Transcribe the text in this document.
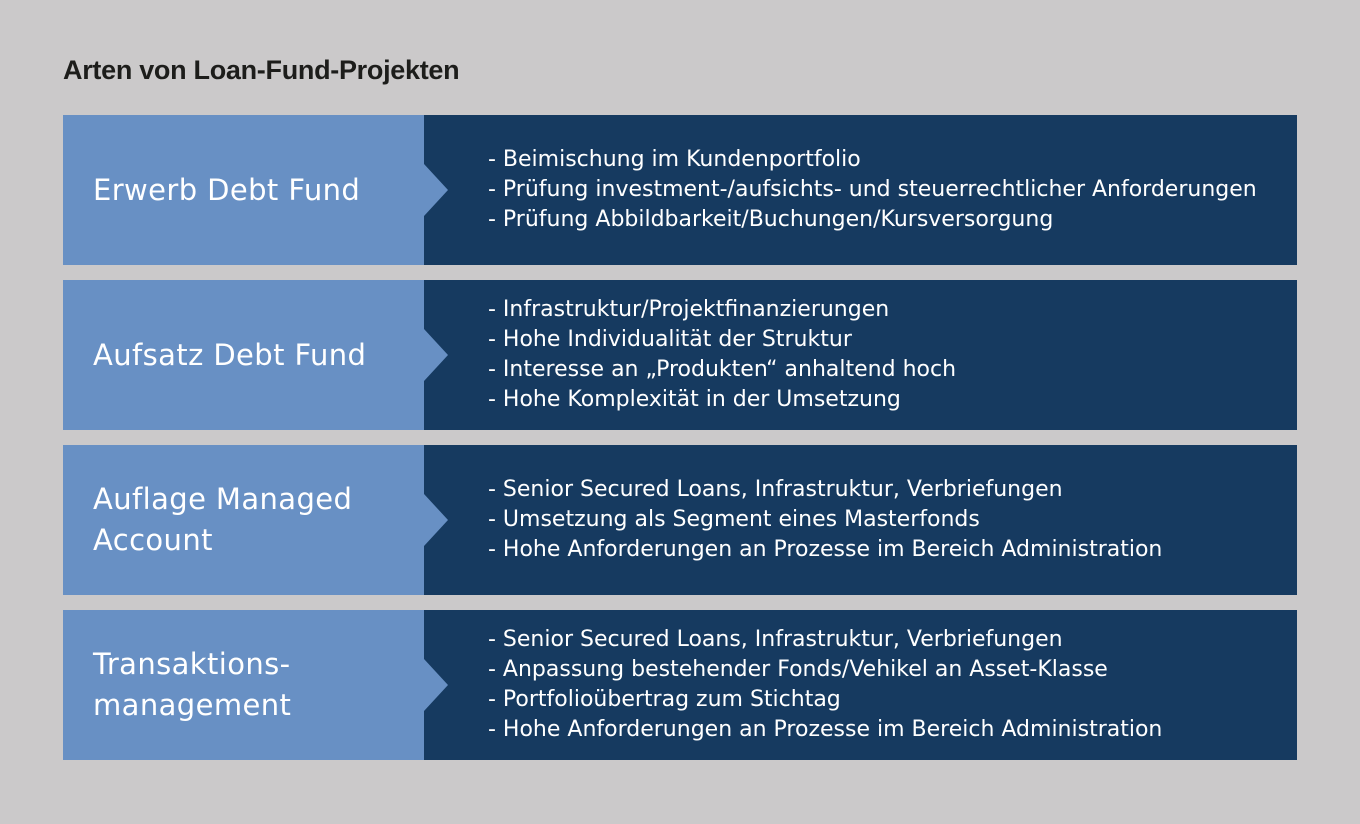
Arten von Loan-Fund-Projekten
Erwerb Debt Fund
- Beimischung im Kundenportfolio
- Prüfung investment-/aufsichts- und steuerrechtlicher Anforderungen
- Prüfung Abbildbarkeit/Buchungen/Kursversorgung
Aufsatz Debt Fund
- Infrastruktur/Projektfinanzierungen
- Hohe Individualität der Struktur
- Interesse an „Produkten“ anhaltend hoch
- Hohe Komplexität in der Umsetzung
Auflage Managed
Account
- Senior Secured Loans, Infrastruktur, Verbriefungen
- Umsetzung als Segment eines Masterfonds
- Hohe Anforderungen an Prozesse im Bereich Administration
Transaktions-
management
- Senior Secured Loans, Infrastruktur, Verbriefungen
- Anpassung bestehender Fonds/Vehikel an Asset-Klasse
- Portfolioübertrag zum Stichtag
- Hohe Anforderungen an Prozesse im Bereich Administration
